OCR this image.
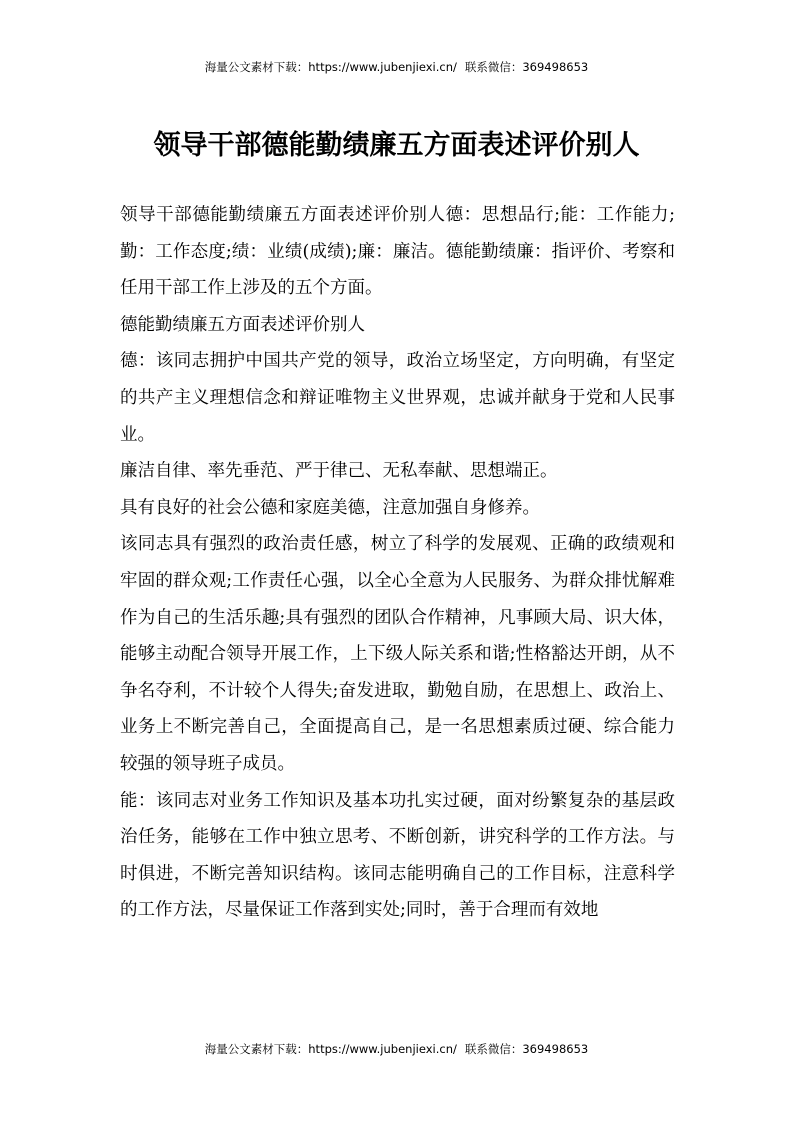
海量公文素材下载：https://www.jubenjiexi.cn/ 联系微信：369498653
领导干部德能勤绩廉五方面表述评价别人

领导干部德能勤绩廉五方面表述评价别人德：思想品行;能：工作能力;勤：工作态度;绩：业绩(成绩);廉：廉洁。德能勤绩廉：指评价、考察和任用干部工作上涉及的五个方面。

德能勤绩廉五方面表述评价别人

德：该同志拥护中国共产党的领导，政治立场坚定，方向明确，有坚定的共产主义理想信念和辩证唯物主义世界观，忠诚并献身于党和人民事业。

廉洁自律、率先垂范、严于律己、无私奉献、思想端正。

具有良好的社会公德和家庭美德，注意加强自身修养。

该同志具有强烈的政治责任感，树立了科学的发展观、正确的政绩观和牢固的群众观;工作责任心强，以全心全意为人民服务、为群众排忧解难作为自己的生活乐趣;具有强烈的团队合作精神，凡事顾大局、识大体，能够主动配合领导开展工作，上下级人际关系和谐;性格豁达开朗，从不争名夺利，不计较个人得失;奋发进取，勤勉自励，在思想上、政治上、业务上不断完善自己，全面提高自己，是一名思想素质过硬、综合能力较强的领导班子成员。

能：该同志对业务工作知识及基本功扎实过硬，面对纷繁复杂的基层政治任务，能够在工作中独立思考、不断创新，讲究科学的工作方法。与时俱进，不断完善知识结构。该同志能明确自己的工作目标，注意科学的工作方法，尽量保证工作落到实处;同时，善于合理而有效地

海量公文素材下载：https://www.jubenjiexi.cn/ 联系微信：369498653
